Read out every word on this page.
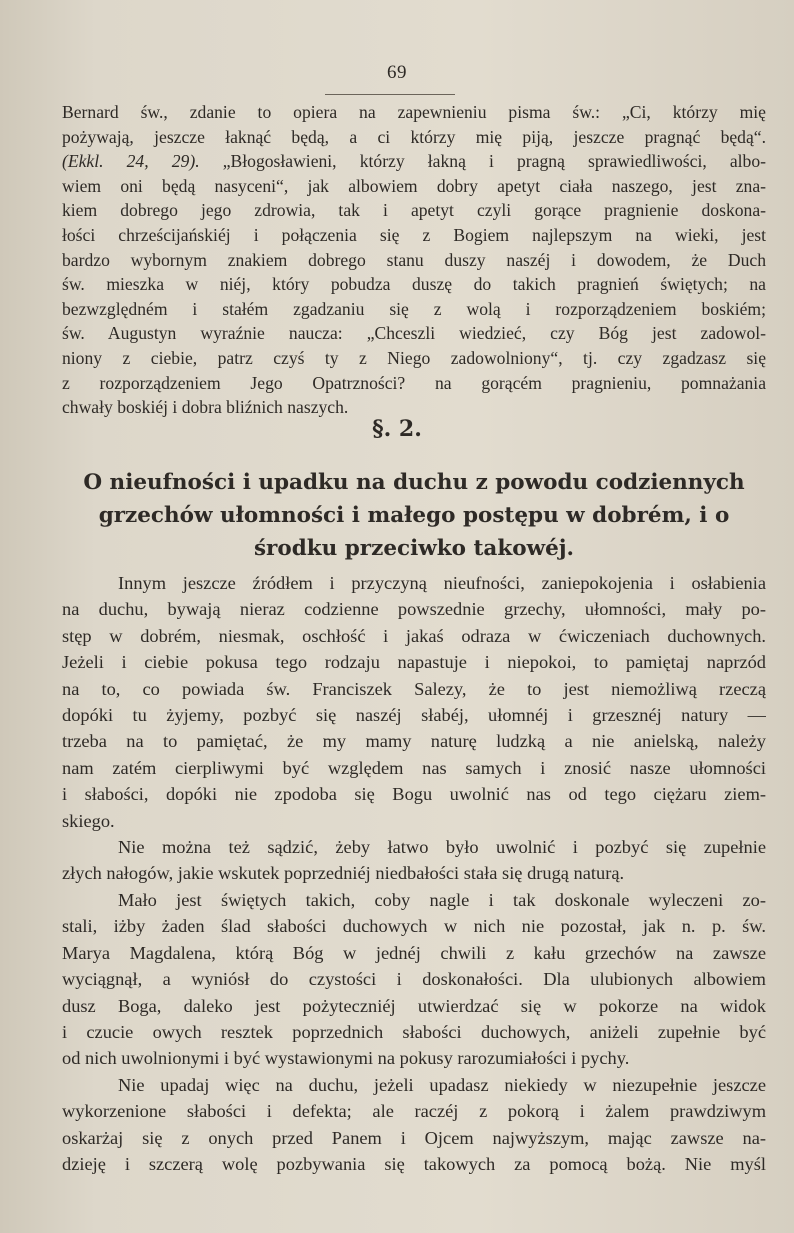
69
Bernard św., zdanie to opiera na zapewnieniu pisma św.: „Ci, którzy mię
pożywają, jeszcze łaknąć będą, a ci którzy mię piją, jeszcze pragnąć będą“.
(Ekkl. 24, 29). „Błogosławieni, którzy łakną i pragną sprawiedliwości, albo-
wiem oni będą nasyceni“, jak albowiem dobry apetyt ciała naszego, jest zna-
kiem dobrego jego zdrowia, tak i apetyt czyli gorące pragnienie doskona-
łości chrześcijańskiéj i połączenia się z Bogiem najlepszym na wieki, jest
bardzo wybornym znakiem dobrego stanu duszy naszéj i dowodem, że Duch
św. mieszka w niéj, który pobudza duszę do takich pragnień świętych; na
bezwzględném i stałém zgadzaniu się z wolą i rozporządzeniem boskiém;
św. Augustyn wyraźnie naucza: „Chceszli wiedzieć, czy Bóg jest zadowol-
niony z ciebie, patrz czyś ty z Niego zadowolniony“, tj. czy zgadzasz się
z rozporządzeniem Jego Opatrzności? na gorącém pragnieniu, pomnażania
chwały boskiéj i dobra bliźnich naszych.
§. 2.
O nieufności i upadku na duchu z powodu codziennych
grzechów ułomności i małego postępu w dobrém, i o
środku przeciwko takowéj.
Innym jeszcze źródłem i przyczyną nieufności, zaniepokojenia i osłabienia
na duchu, bywają nieraz codzienne powszednie grzechy, ułomności, mały po-
stęp w dobrém, niesmak, oschłość i jakaś odraza w ćwiczeniach duchownych.
Jeżeli i ciebie pokusa tego rodzaju napastuje i niepokoi, to pamiętaj naprzód
na to, co powiada św. Franciszek Salezy, że to jest niemożliwą rzeczą
dopóki tu żyjemy, pozbyć się naszéj słabéj, ułomnéj i grzesznéj natury —
trzeba na to pamiętać, że my mamy naturę ludzką a nie anielską, należy
nam zatém cierpliwymi być względem nas samych i znosić nasze ułomności
i słabości, dopóki nie zpodoba się Bogu uwolnić nas od tego ciężaru ziem-
skiego.
Nie można też sądzić, żeby łatwo było uwolnić i pozbyć się zupełnie
złych nałogów, jakie wskutek poprzedniéj niedbałości stała się drugą naturą.
Mało jest świętych takich, coby nagle i tak doskonale wyleczeni zo-
stali, iżby żaden ślad słabości duchowych w nich nie pozostał, jak n. p. św.
Marya Magdalena, którą Bóg w jednéj chwili z kału grzechów na zawsze
wyciągnął, a wyniósł do czystości i doskonałości. Dla ulubionych albowiem
dusz Boga, daleko jest pożyteczniéj utwierdzać się w pokorze na widok
i czucie owych resztek poprzednich słabości duchowych, aniżeli zupełnie być
od nich uwolnionymi i być wystawionymi na pokusy rarozumiałości i pychy.
Nie upadaj więc na duchu, jeżeli upadasz niekiedy w niezupełnie jeszcze
wykorzenione słabości i defekta; ale raczéj z pokorą i żalem prawdziwym
oskarżaj się z onych przed Panem i Ojcem najwyższym, mając zawsze na-
dzieję i szczerą wolę pozbywania się takowych za pomocą bożą. Nie myśl
